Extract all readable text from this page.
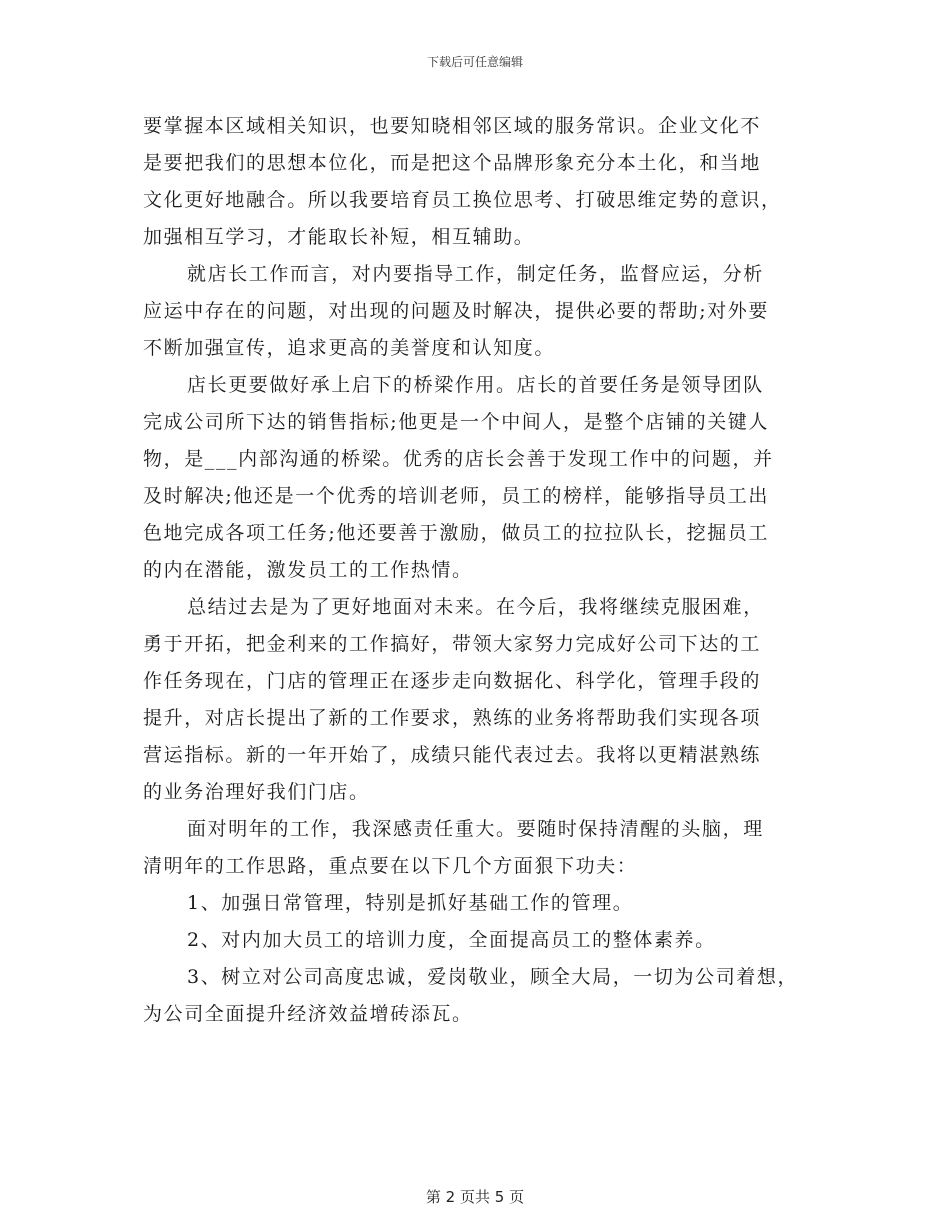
下载后可任意编辑
要掌握本区域相关知识，也要知晓相邻区域的服务常识。企业文化不
是要把我们的思想本位化，而是把这个品牌形象充分本土化，和当地
文化更好地融合。所以我要培育员工换位思考、打破思维定势的意识，
加强相互学习，才能取长补短，相互辅助。
就店长工作而言，对内要指导工作，制定任务，监督应运，分析
应运中存在的问题，对出现的问题及时解决，提供必要的帮助;对外要
不断加强宣传，追求更高的美誉度和认知度。
店长更要做好承上启下的桥梁作用。店长的首要任务是领导团队
完成公司所下达的销售指标;他更是一个中间人，是整个店铺的关键人
物，是___内部沟通的桥梁。优秀的店长会善于发现工作中的问题，并
及时解决;他还是一个优秀的培训老师，员工的榜样，能够指导员工出
色地完成各项工任务;他还要善于激励，做员工的拉拉队长，挖掘员工
的内在潜能，激发员工的工作热情。
总结过去是为了更好地面对未来。在今后，我将继续克服困难，
勇于开拓，把金利来的工作搞好，带领大家努力完成好公司下达的工
作任务现在，门店的管理正在逐步走向数据化、科学化，管理手段的
提升，对店长提出了新的工作要求，熟练的业务将帮助我们实现各项
营运指标。新的一年开始了，成绩只能代表过去。我将以更精湛熟练
的业务治理好我们门店。
面对明年的工作，我深感责任重大。要随时保持清醒的头脑，理
清明年的工作思路，重点要在以下几个方面狠下功夫：
1、加强日常管理，特别是抓好基础工作的管理。
2、对内加大员工的培训力度，全面提高员工的整体素养。
3、树立对公司高度忠诚，爱岗敬业，顾全大局，一切为公司着想，
为公司全面提升经济效益增砖添瓦。
第 2 页共 5 页
